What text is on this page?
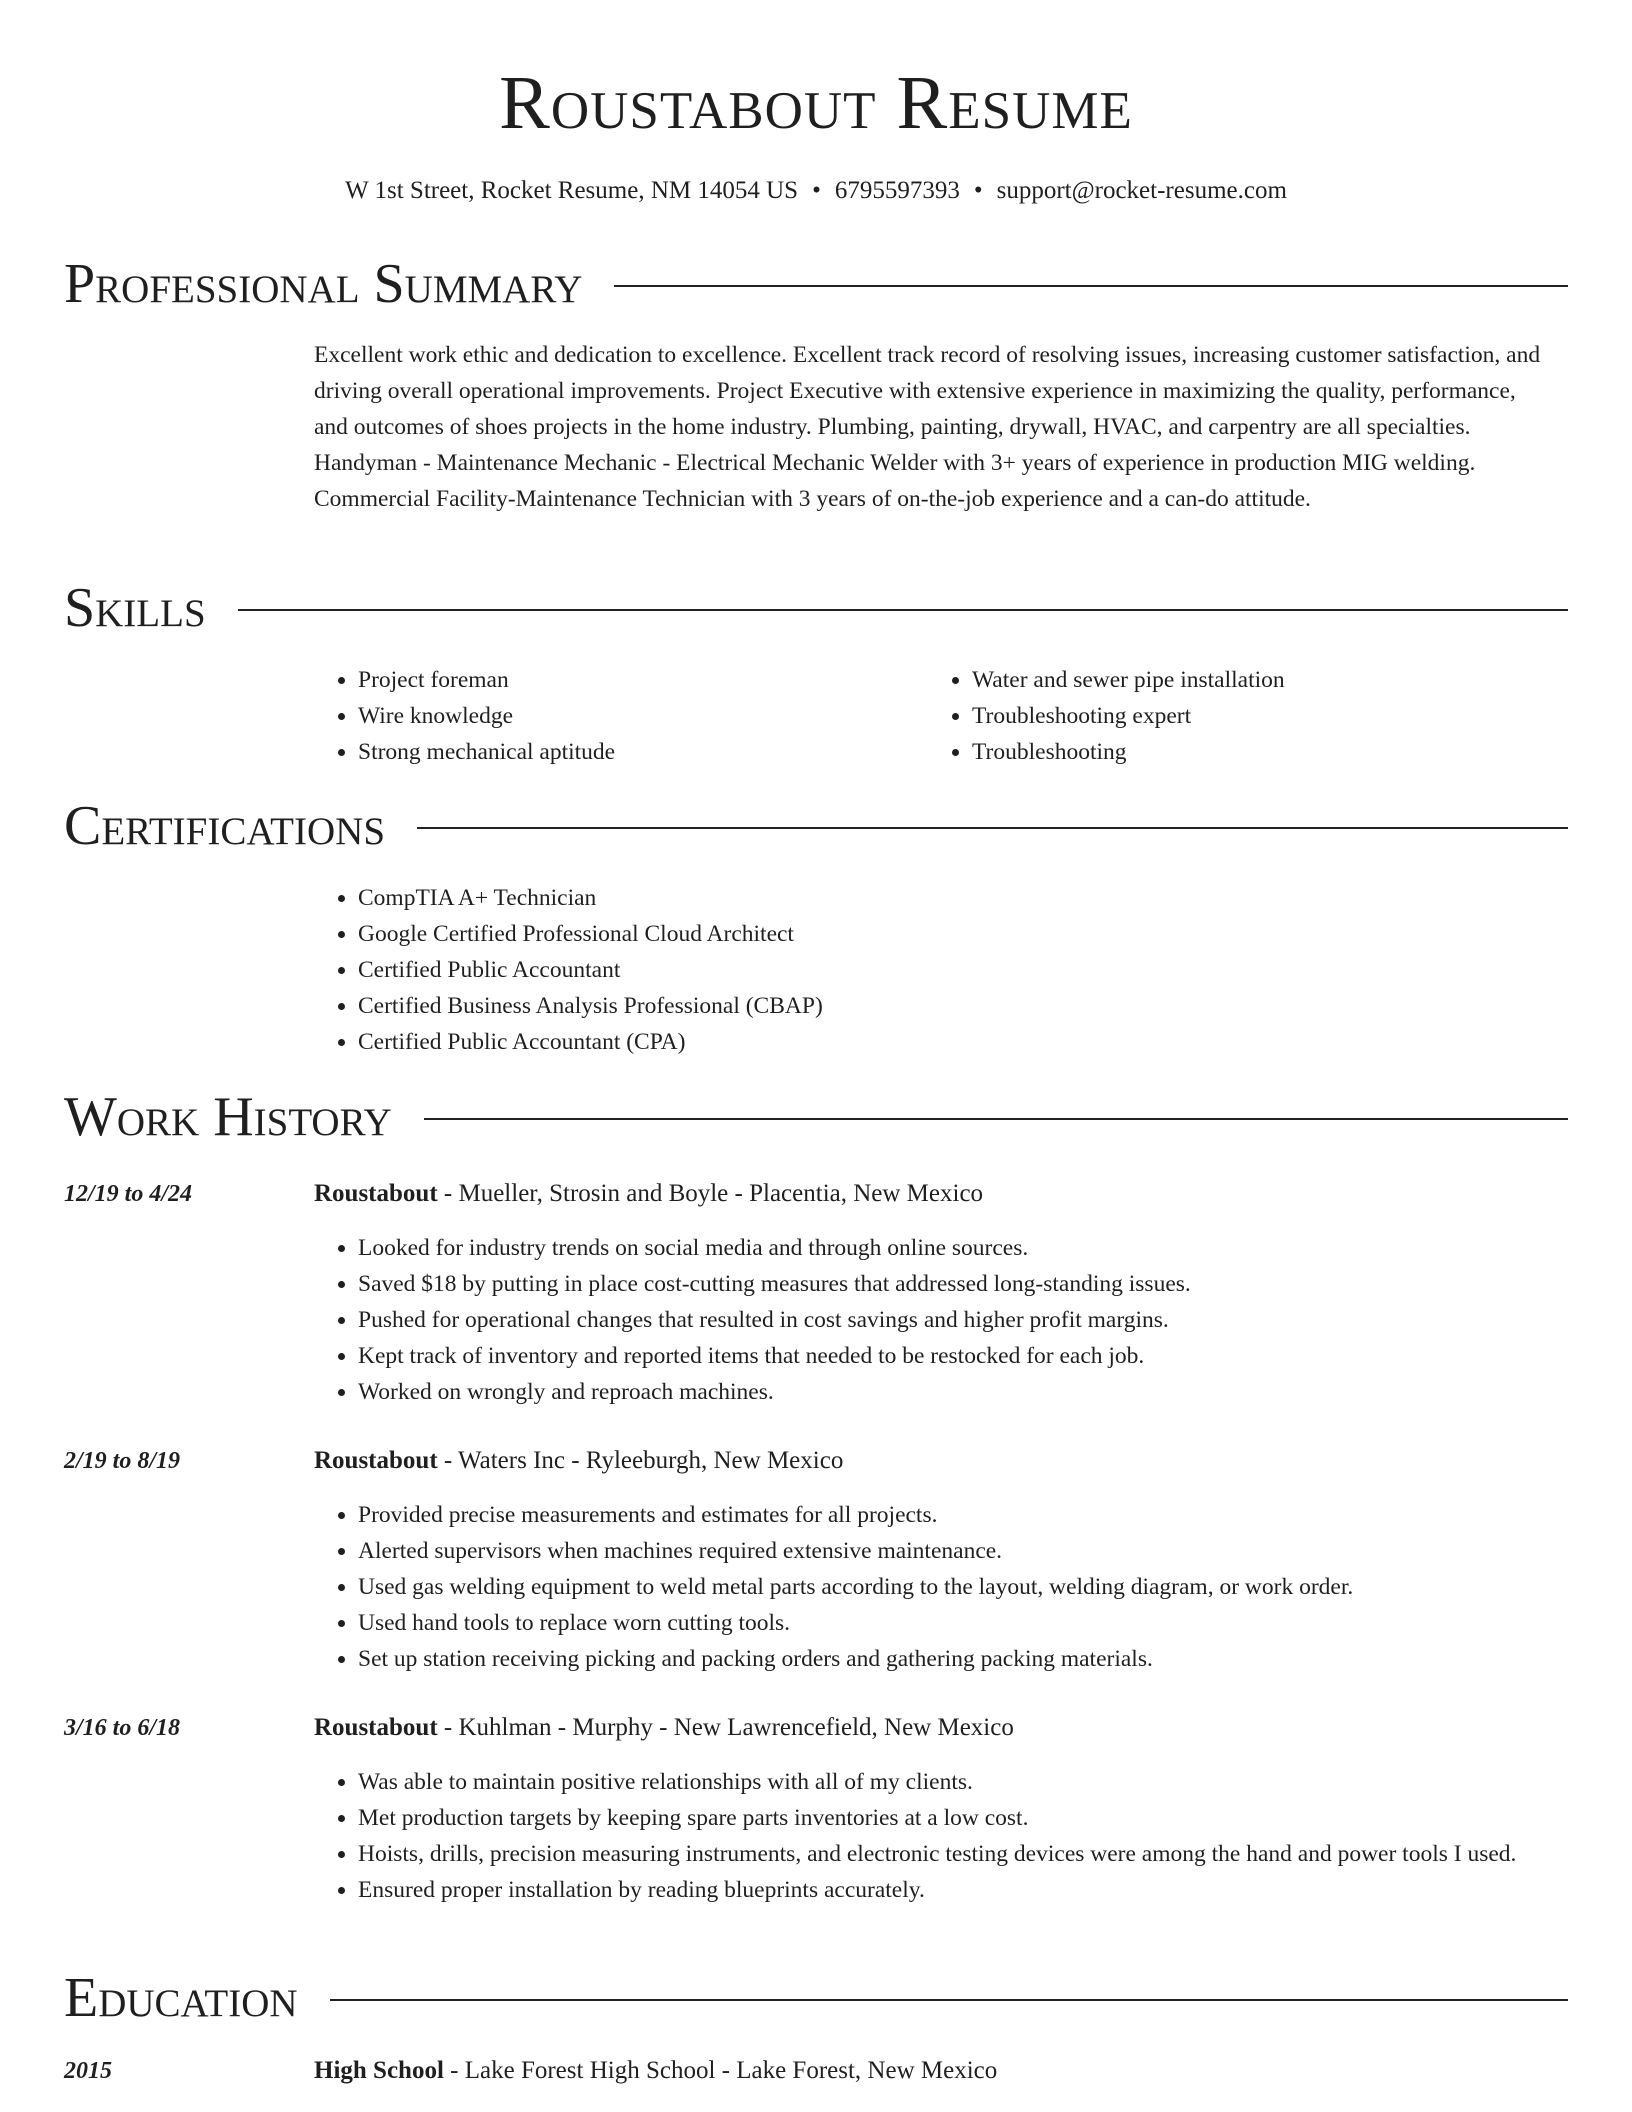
Roustabout Resume
W 1st Street, Rocket Resume, NM 14054 US • 6795597393 • support@rocket-resume.com
Professional Summary
Excellent work ethic and dedication to excellence. Excellent track record of resolving issues, increasing customer satisfaction, and driving overall operational improvements. Project Executive with extensive experience in maximizing the quality, performance, and outcomes of shoes projects in the home industry. Plumbing, painting, drywall, HVAC, and carpentry are all specialties. Handyman - Maintenance Mechanic - Electrical Mechanic Welder with 3+ years of experience in production MIG welding. Commercial Facility-Maintenance Technician with 3 years of on-the-job experience and a can-do attitude.
Skills
• Project foreman
• Wire knowledge
• Strong mechanical aptitude
• Water and sewer pipe installation
• Troubleshooting expert
• Troubleshooting
Certifications
• CompTIA A+ Technician
• Google Certified Professional Cloud Architect
• Certified Public Accountant
• Certified Business Analysis Professional (CBAP)
• Certified Public Accountant (CPA)
Work History
12/19 to 4/24	Roustabout - Mueller, Strosin and Boyle - Placentia, New Mexico
• Looked for industry trends on social media and through online sources.
• Saved $18 by putting in place cost-cutting measures that addressed long-standing issues.
• Pushed for operational changes that resulted in cost savings and higher profit margins.
• Kept track of inventory and reported items that needed to be restocked for each job.
• Worked on wrongly and reproach machines.
2/19 to 8/19	Roustabout - Waters Inc - Ryleeburgh, New Mexico
• Provided precise measurements and estimates for all projects.
• Alerted supervisors when machines required extensive maintenance.
• Used gas welding equipment to weld metal parts according to the layout, welding diagram, or work order.
• Used hand tools to replace worn cutting tools.
• Set up station receiving picking and packing orders and gathering packing materials.
3/16 to 6/18	Roustabout - Kuhlman - Murphy - New Lawrencefield, New Mexico
• Was able to maintain positive relationships with all of my clients.
• Met production targets by keeping spare parts inventories at a low cost.
• Hoists, drills, precision measuring instruments, and electronic testing devices were among the hand and power tools I used.
• Ensured proper installation by reading blueprints accurately.
Education
2015	High School - Lake Forest High School - Lake Forest, New Mexico
